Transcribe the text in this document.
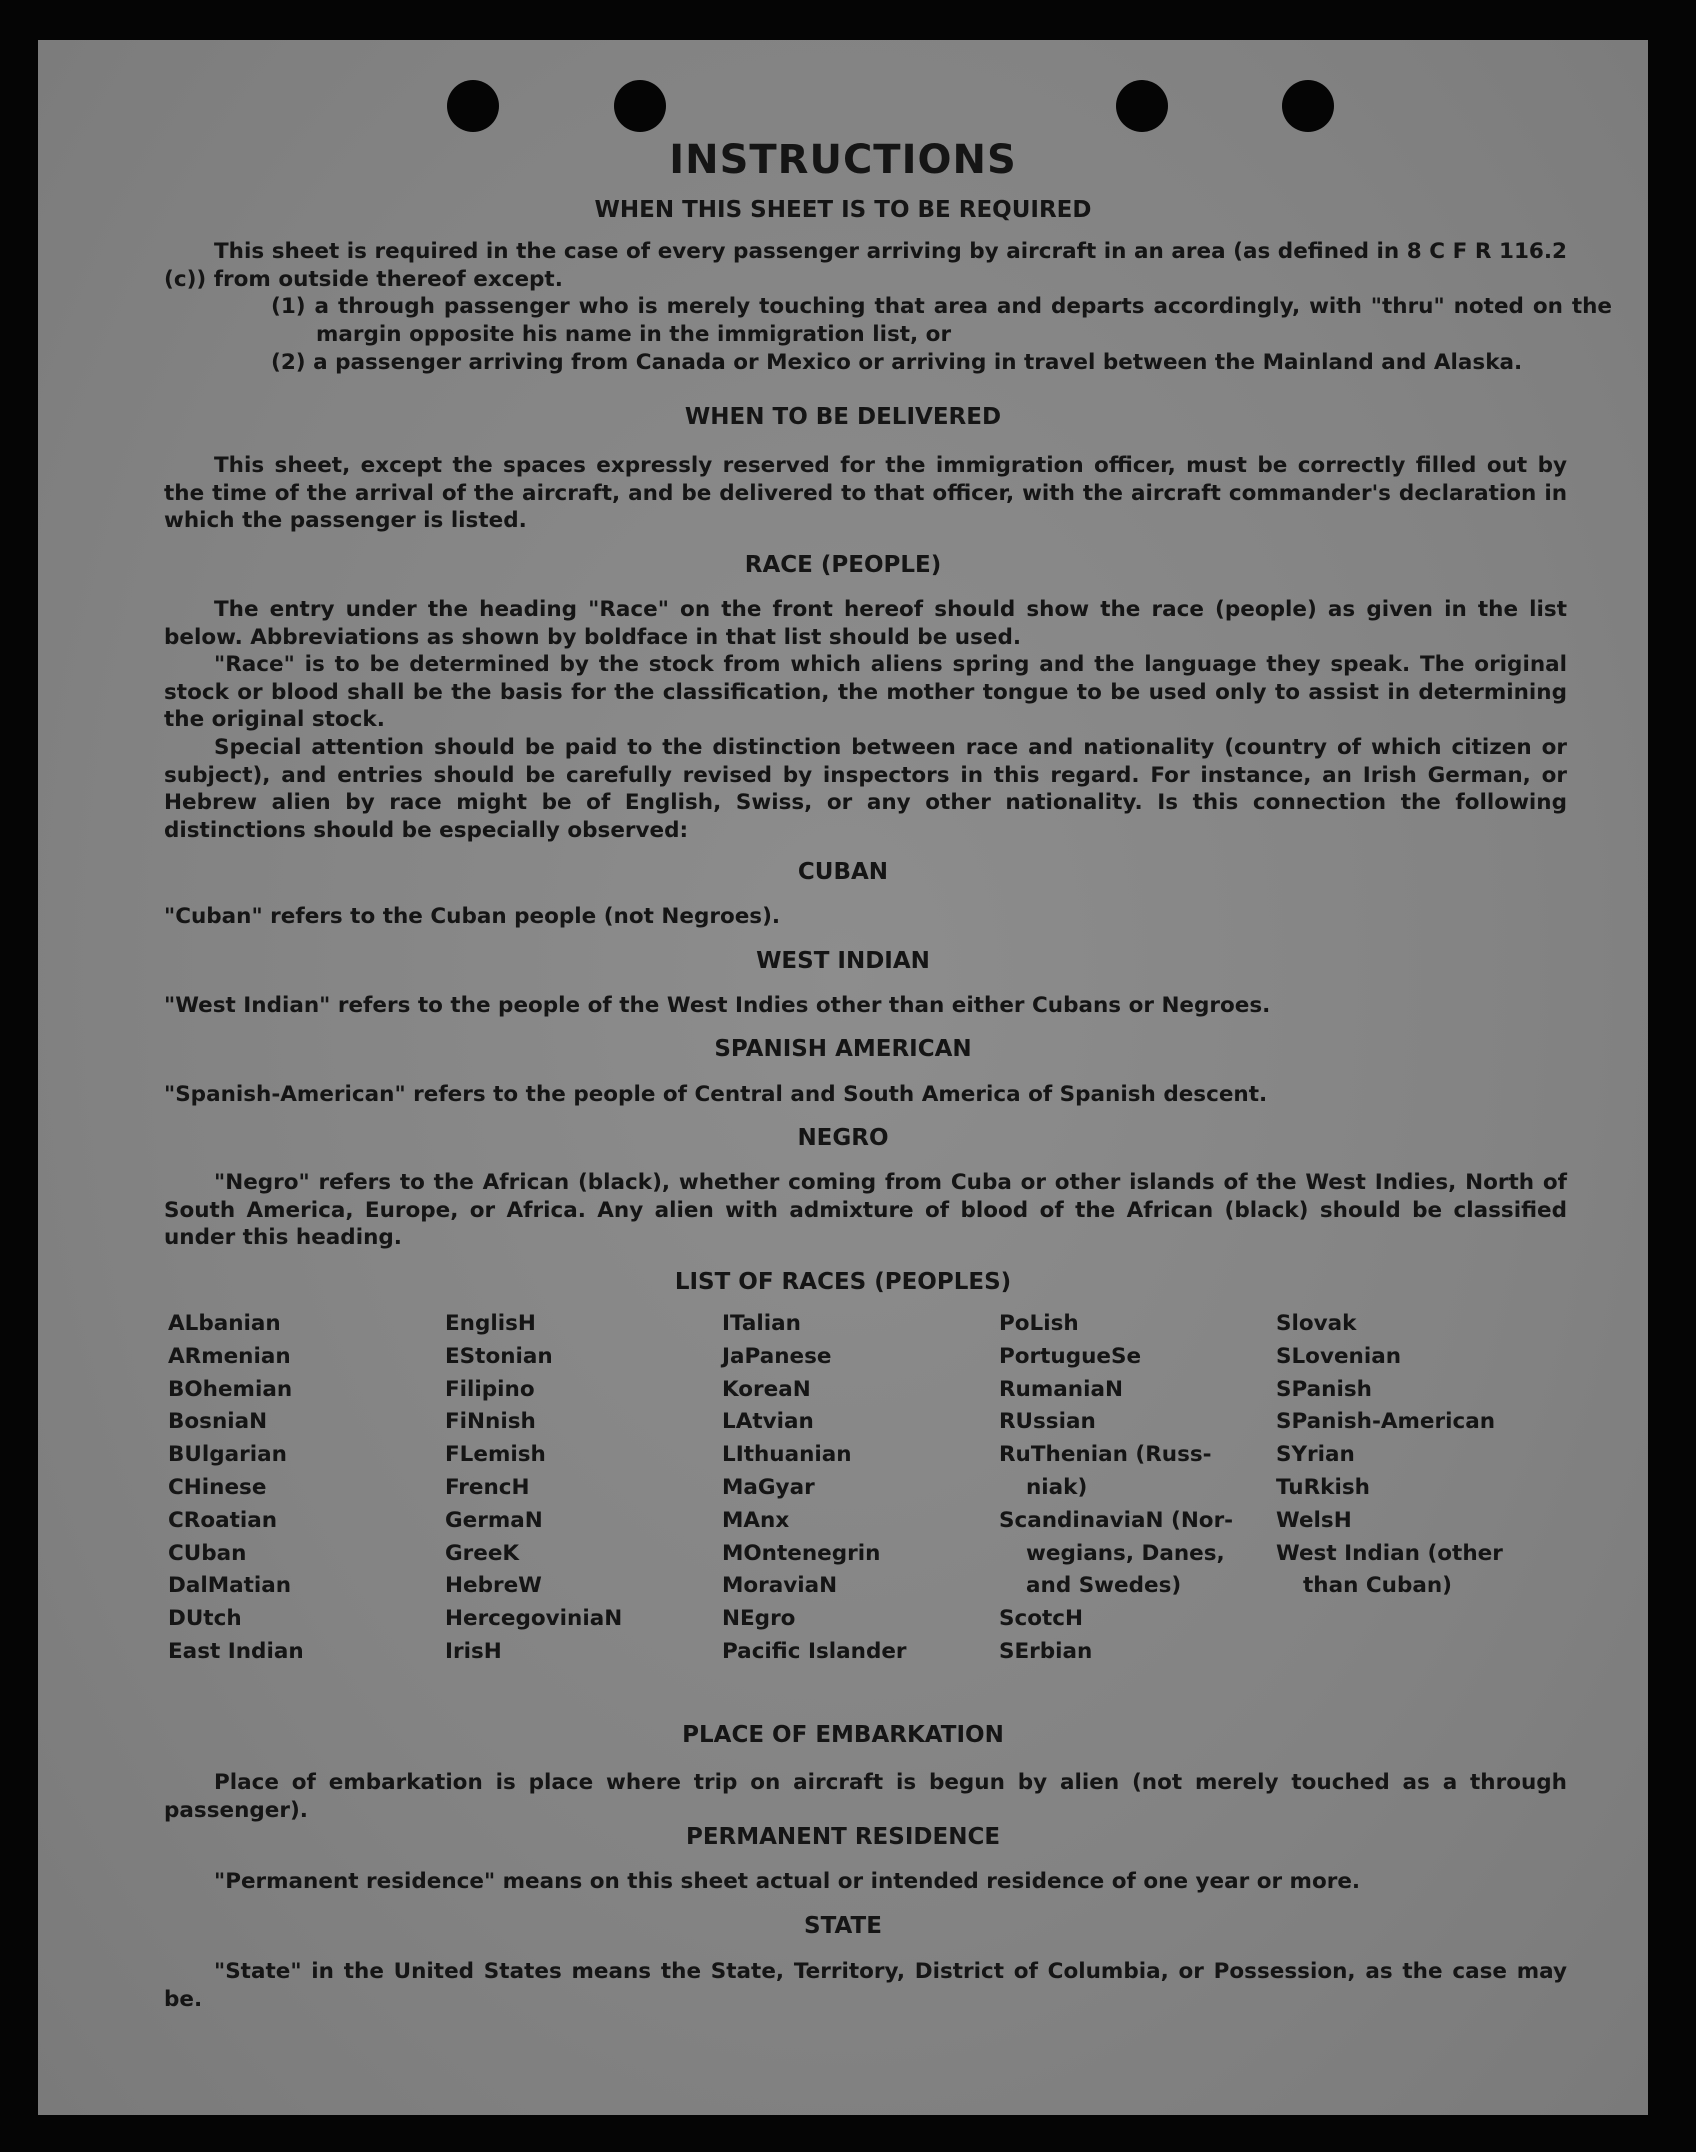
INSTRUCTIONS
WHEN THIS SHEET IS TO BE REQUIRED

This sheet is required in the case of every passenger arriving by aircraft in an area (as defined in 8 C F R 116.2 (c)) from outside thereof except.

(1) a through passenger who is merely touching that area and departs accordingly, with "thru" noted on the margin opposite his name in the immigration list, or

(2) a passenger arriving from Canada or Mexico or arriving in travel between the Mainland and Alaska.

WHEN TO BE DELIVERED

This sheet, except the spaces expressly reserved for the immigration officer, must be correctly filled out by the time of the arrival of the aircraft, and be delivered to that officer, with the aircraft commander's declaration in which the passenger is listed.

RACE (PEOPLE)

The entry under the heading "Race" on the front hereof should show the race (people) as given in the list below. Abbreviations as shown by boldface in that list should be used.

"Race" is to be determined by the stock from which aliens spring and the language they speak. The original stock or blood shall be the basis for the classification, the mother tongue to be used only to assist in determining the original stock.

Special attention should be paid to the distinction between race and nationality (country of which citizen or subject), and entries should be carefully revised by inspectors in this regard. For instance, an Irish German, or Hebrew alien by race might be of English, Swiss, or any other nationality. Is this connection the following distinctions should be especially observed:

CUBAN

"Cuban" refers to the Cuban people (not Negroes).

WEST INDIAN

"West Indian" refers to the people of the West Indies other than either Cubans or Negroes.

SPANISH AMERICAN

"Spanish-American" refers to the people of Central and South America of Spanish descent.

NEGRO

"Negro" refers to the African (black), whether coming from Cuba or other islands of the West Indies, North of South America, Europe, or Africa. Any alien with admixture of blood of the African (black) should be classified under this heading.

LIST OF RACES (PEOPLES)
ALbanian
ARmenian
BOhemian
BosniaN
BUlgarian
CHinese
CRoatian
CUban
DalMatian
DUtch
East Indian
EnglisH
EStonian
Filipino
FiNnish
FLemish
FrencH
GermaN
GreeK
HebreW
HercegoviniaN
IrisH
ITalian
JaPanese
KoreaN
LAtvian
LIthuanian
MaGyar
MAnx
MOntenegrin
MoraviaN
NEgro
Pacific Islander
PoLish
PortugueSe
RumaniaN
RUssian
RuThenian (Russ-
niak)
ScandinaviaN (Nor-
wegians, Danes,
and Swedes)
ScotcH
SErbian
Slovak
SLovenian
SPanish
SPanish-American
SYrian
TuRkish
WelsH
West Indian (other
than Cuban)
PLACE OF EMBARKATION

Place of embarkation is place where trip on aircraft is begun by alien (not merely touched as a through passenger).

PERMANENT RESIDENCE

"Permanent residence" means on this sheet actual or intended residence of one year or more.

STATE

"State" in the United States means the State, Territory, District of Columbia, or Possession, as the case may be.
